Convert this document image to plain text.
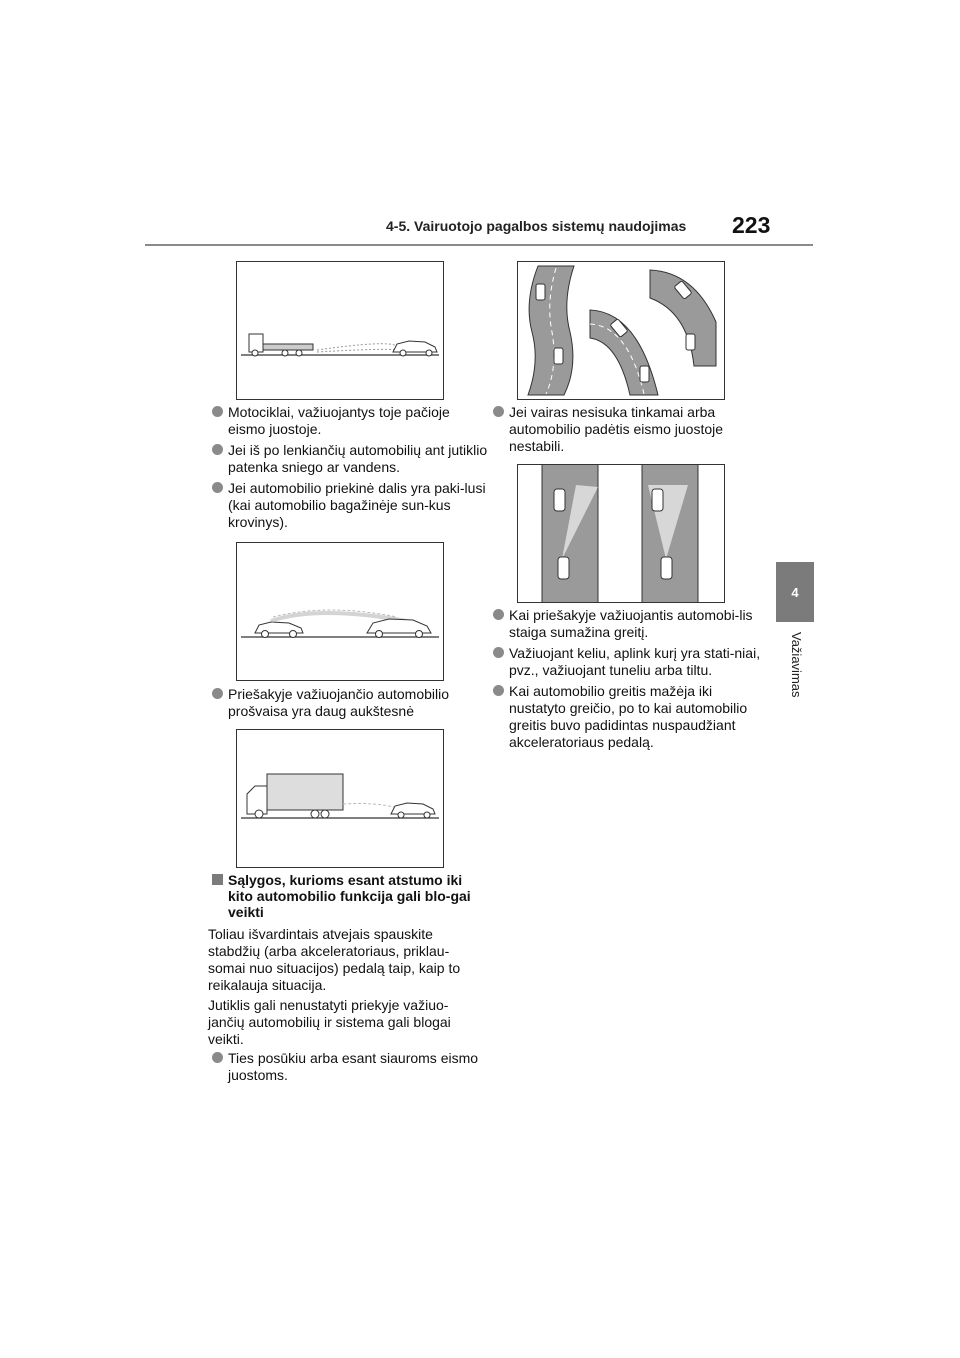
4-5. Vairuotojo pagalbos sistemų naudojimas 223
4
Važiavimas
Motociklai, važiuojantys toje pačioje eismo juostoje.
Jei iš po lenkiančių automobilių ant jutiklio patenka sniego ar vandens.
Jei automobilio priekinė dalis yra paki-lusi (kai automobilio bagažinėje sun-kus krovinys).
Priešakyje važiuojančio automobilio prošvaisa yra daug aukštesnė
Sąlygos, kurioms esant atstumo iki kito automobilio funkcija gali blo-gai veikti
Toliau išvardintais atvejais spauskite stabdžių (arba akceleratoriaus, priklau-somai nuo situacijos) pedalą taip, kaip to reikalauja situacija.
Jutiklis gali nenustatyti priekyje važiuo-jančių automobilių ir sistema gali blogai veikti.
Ties posūkiu arba esant siauroms eismo juostoms.
Jei vairas nesisuka tinkamai arba automobilio padėtis eismo juostoje nestabili.
Kai priešakyje važiuojantis automobi-lis staiga sumažina greitį.
Važiuojant keliu, aplink kurį yra stati-niai, pvz., važiuojant tuneliu arba tiltu.
Kai automobilio greitis mažėja iki nustatyto greičio, po to kai automobilio greitis buvo padidintas nuspaudžiant akceleratoriaus pedalą.
